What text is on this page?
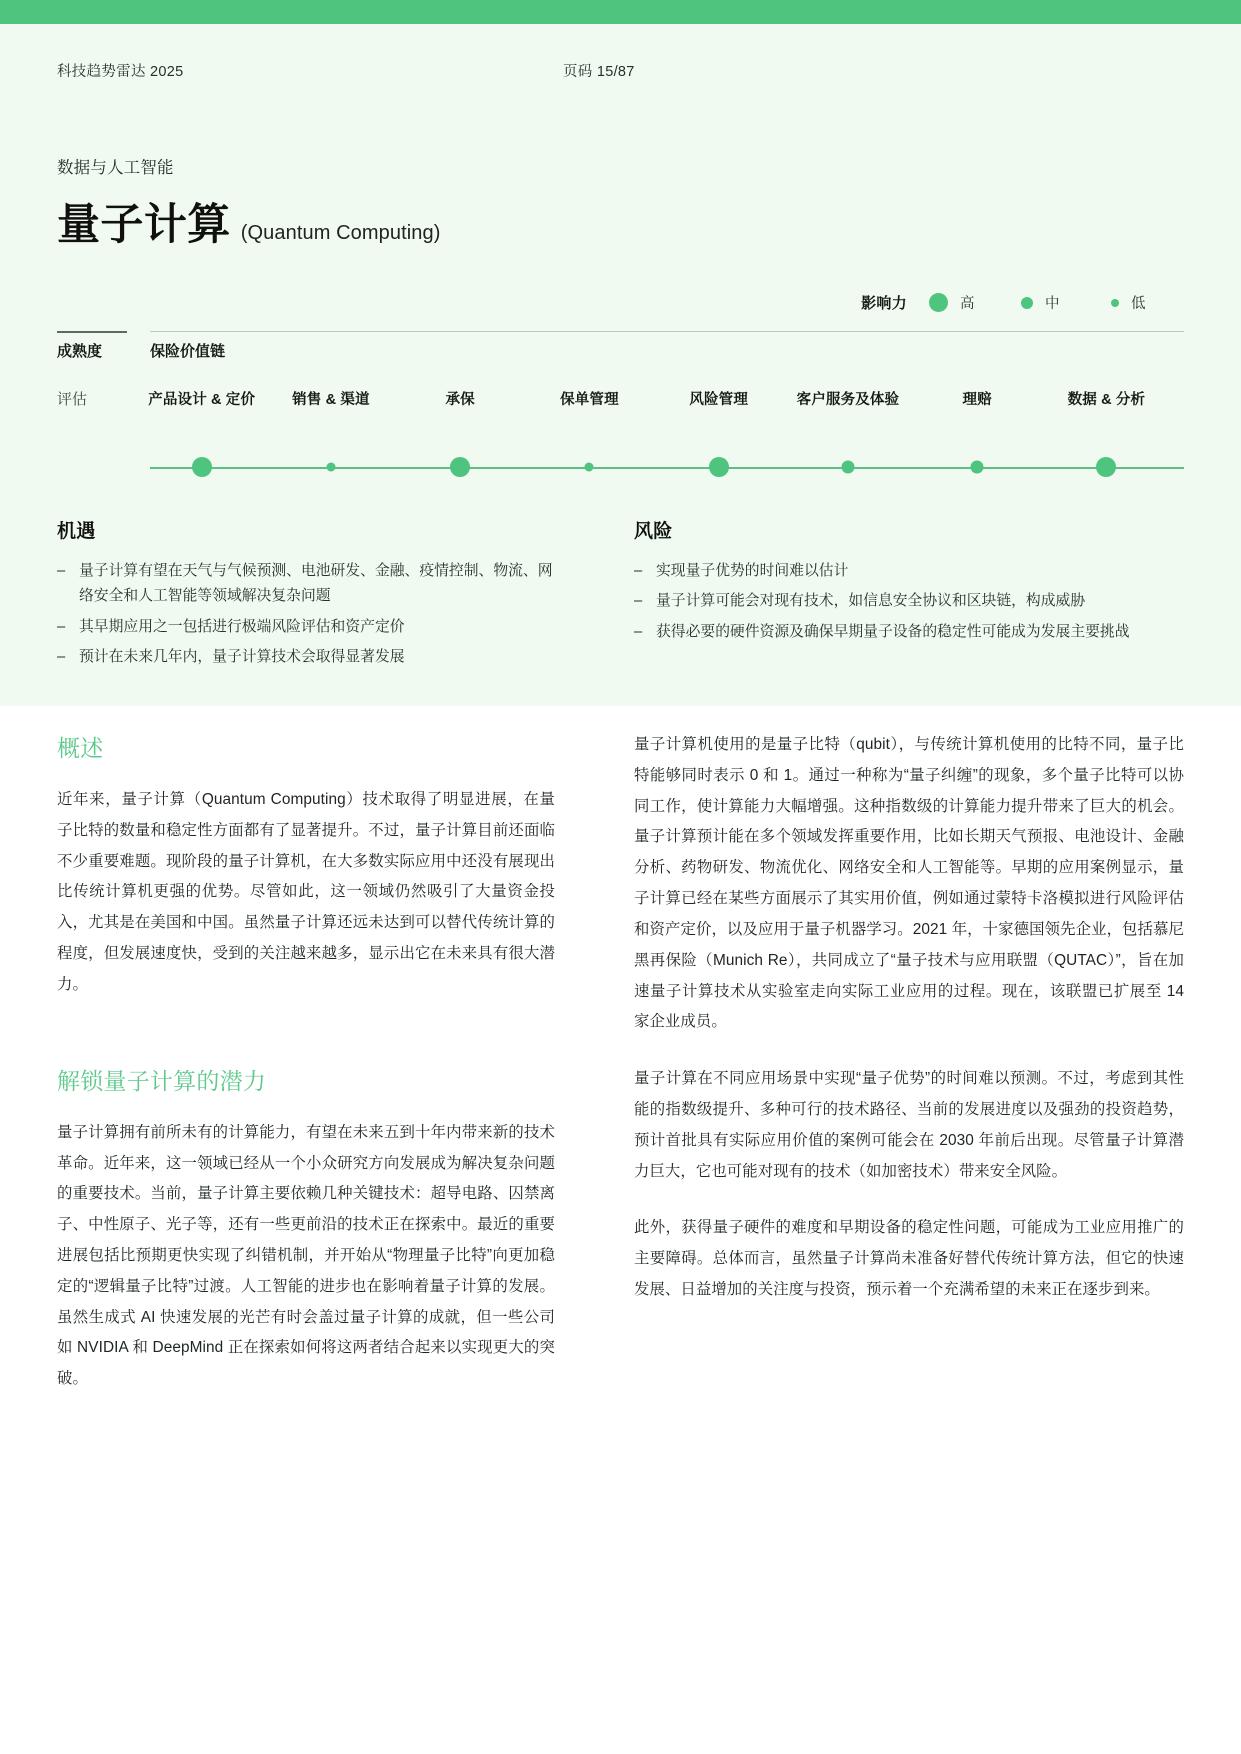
科技趋势雷达 2025	页码 15/87
数据与人工智能
量子计算 (Quantum Computing)
影响力	高	中	低
成熟度	保险价值链
评估	产品设计 & 定价	销售 & 渠道	承保	保单管理	风险管理	客户服务及体验	理赔	数据 & 分析
机遇
– 量子计算有望在天气与气候预测、电池研发、金融、疫情控制、物流、网络安全和人工智能等领域解决复杂问题
– 其早期应用之一包括进行极端风险评估和资产定价
– 预计在未来几年内，量子计算技术会取得显著发展
风险
– 实现量子优势的时间难以估计
– 量子计算可能会对现有技术，如信息安全协议和区块链，构成威胁
– 获得必要的硬件资源及确保早期量子设备的稳定性可能成为发展主要挑战
概述

近年来，量子计算（Quantum Computing）技术取得了明显进展，在量子比特的数量和稳定性方面都有了显著提升。不过，量子计算目前还面临不少重要难题。现阶段的量子计算机，在大多数实际应用中还没有展现出比传统计算机更强的优势。尽管如此，这一领域仍然吸引了大量资金投入，尤其是在美国和中国。虽然量子计算还远未达到可以替代传统计算的程度，但发展速度快，受到的关注越来越多，显示出它在未来具有很大潜力。

解锁量子计算的潜力

量子计算拥有前所未有的计算能力，有望在未来五到十年内带来新的技术革命。近年来，这一领域已经从一个小众研究方向发展成为解决复杂问题的重要技术。当前，量子计算主要依赖几种关键技术：超导电路、囚禁离子、中性原子、光子等，还有一些更前沿的技术正在探索中。最近的重要进展包括比预期更快实现了纠错机制，并开始从“物理量子比特”向更加稳定的“逻辑量子比特”过渡。人工智能的进步也在影响着量子计算的发展。虽然生成式 AI 快速发展的光芒有时会盖过量子计算的成就，但一些公司如 NVIDIA 和 DeepMind 正在探索如何将这两者结合起来以实现更大的突破。

量子计算机使用的是量子比特（qubit），与传统计算机使用的比特不同，量子比特能够同时表示 0 和 1。通过一种称为“量子纠缠”的现象，多个量子比特可以协同工作，使计算能力大幅增强。这种指数级的计算能力提升带来了巨大的机会。量子计算预计能在多个领域发挥重要作用，比如长期天气预报、电池设计、金融分析、药物研发、物流优化、网络安全和人工智能等。早期的应用案例显示，量子计算已经在某些方面展示了其实用价值，例如通过蒙特卡洛模拟进行风险评估和资产定价，以及应用于量子机器学习。2021 年，十家德国领先企业，包括慕尼黑再保险（Munich Re），共同成立了“量子技术与应用联盟（QUTAC）”，旨在加速量子计算技术从实验室走向实际工业应用的过程。现在，该联盟已扩展至 14 家企业成员。

量子计算在不同应用场景中实现“量子优势”的时间难以预测。不过，考虑到其性能的指数级提升、多种可行的技术路径、当前的发展进度以及强劲的投资趋势，预计首批具有实际应用价值的案例可能会在 2030 年前后出现。尽管量子计算潜力巨大，它也可能对现有的技术（如加密技术）带来安全风险。

此外，获得量子硬件的难度和早期设备的稳定性问题，可能成为工业应用推广的主要障碍。总体而言，虽然量子计算尚未准备好替代传统计算方法，但它的快速发展、日益增加的关注度与投资，预示着一个充满希望的未来正在逐步到来。
